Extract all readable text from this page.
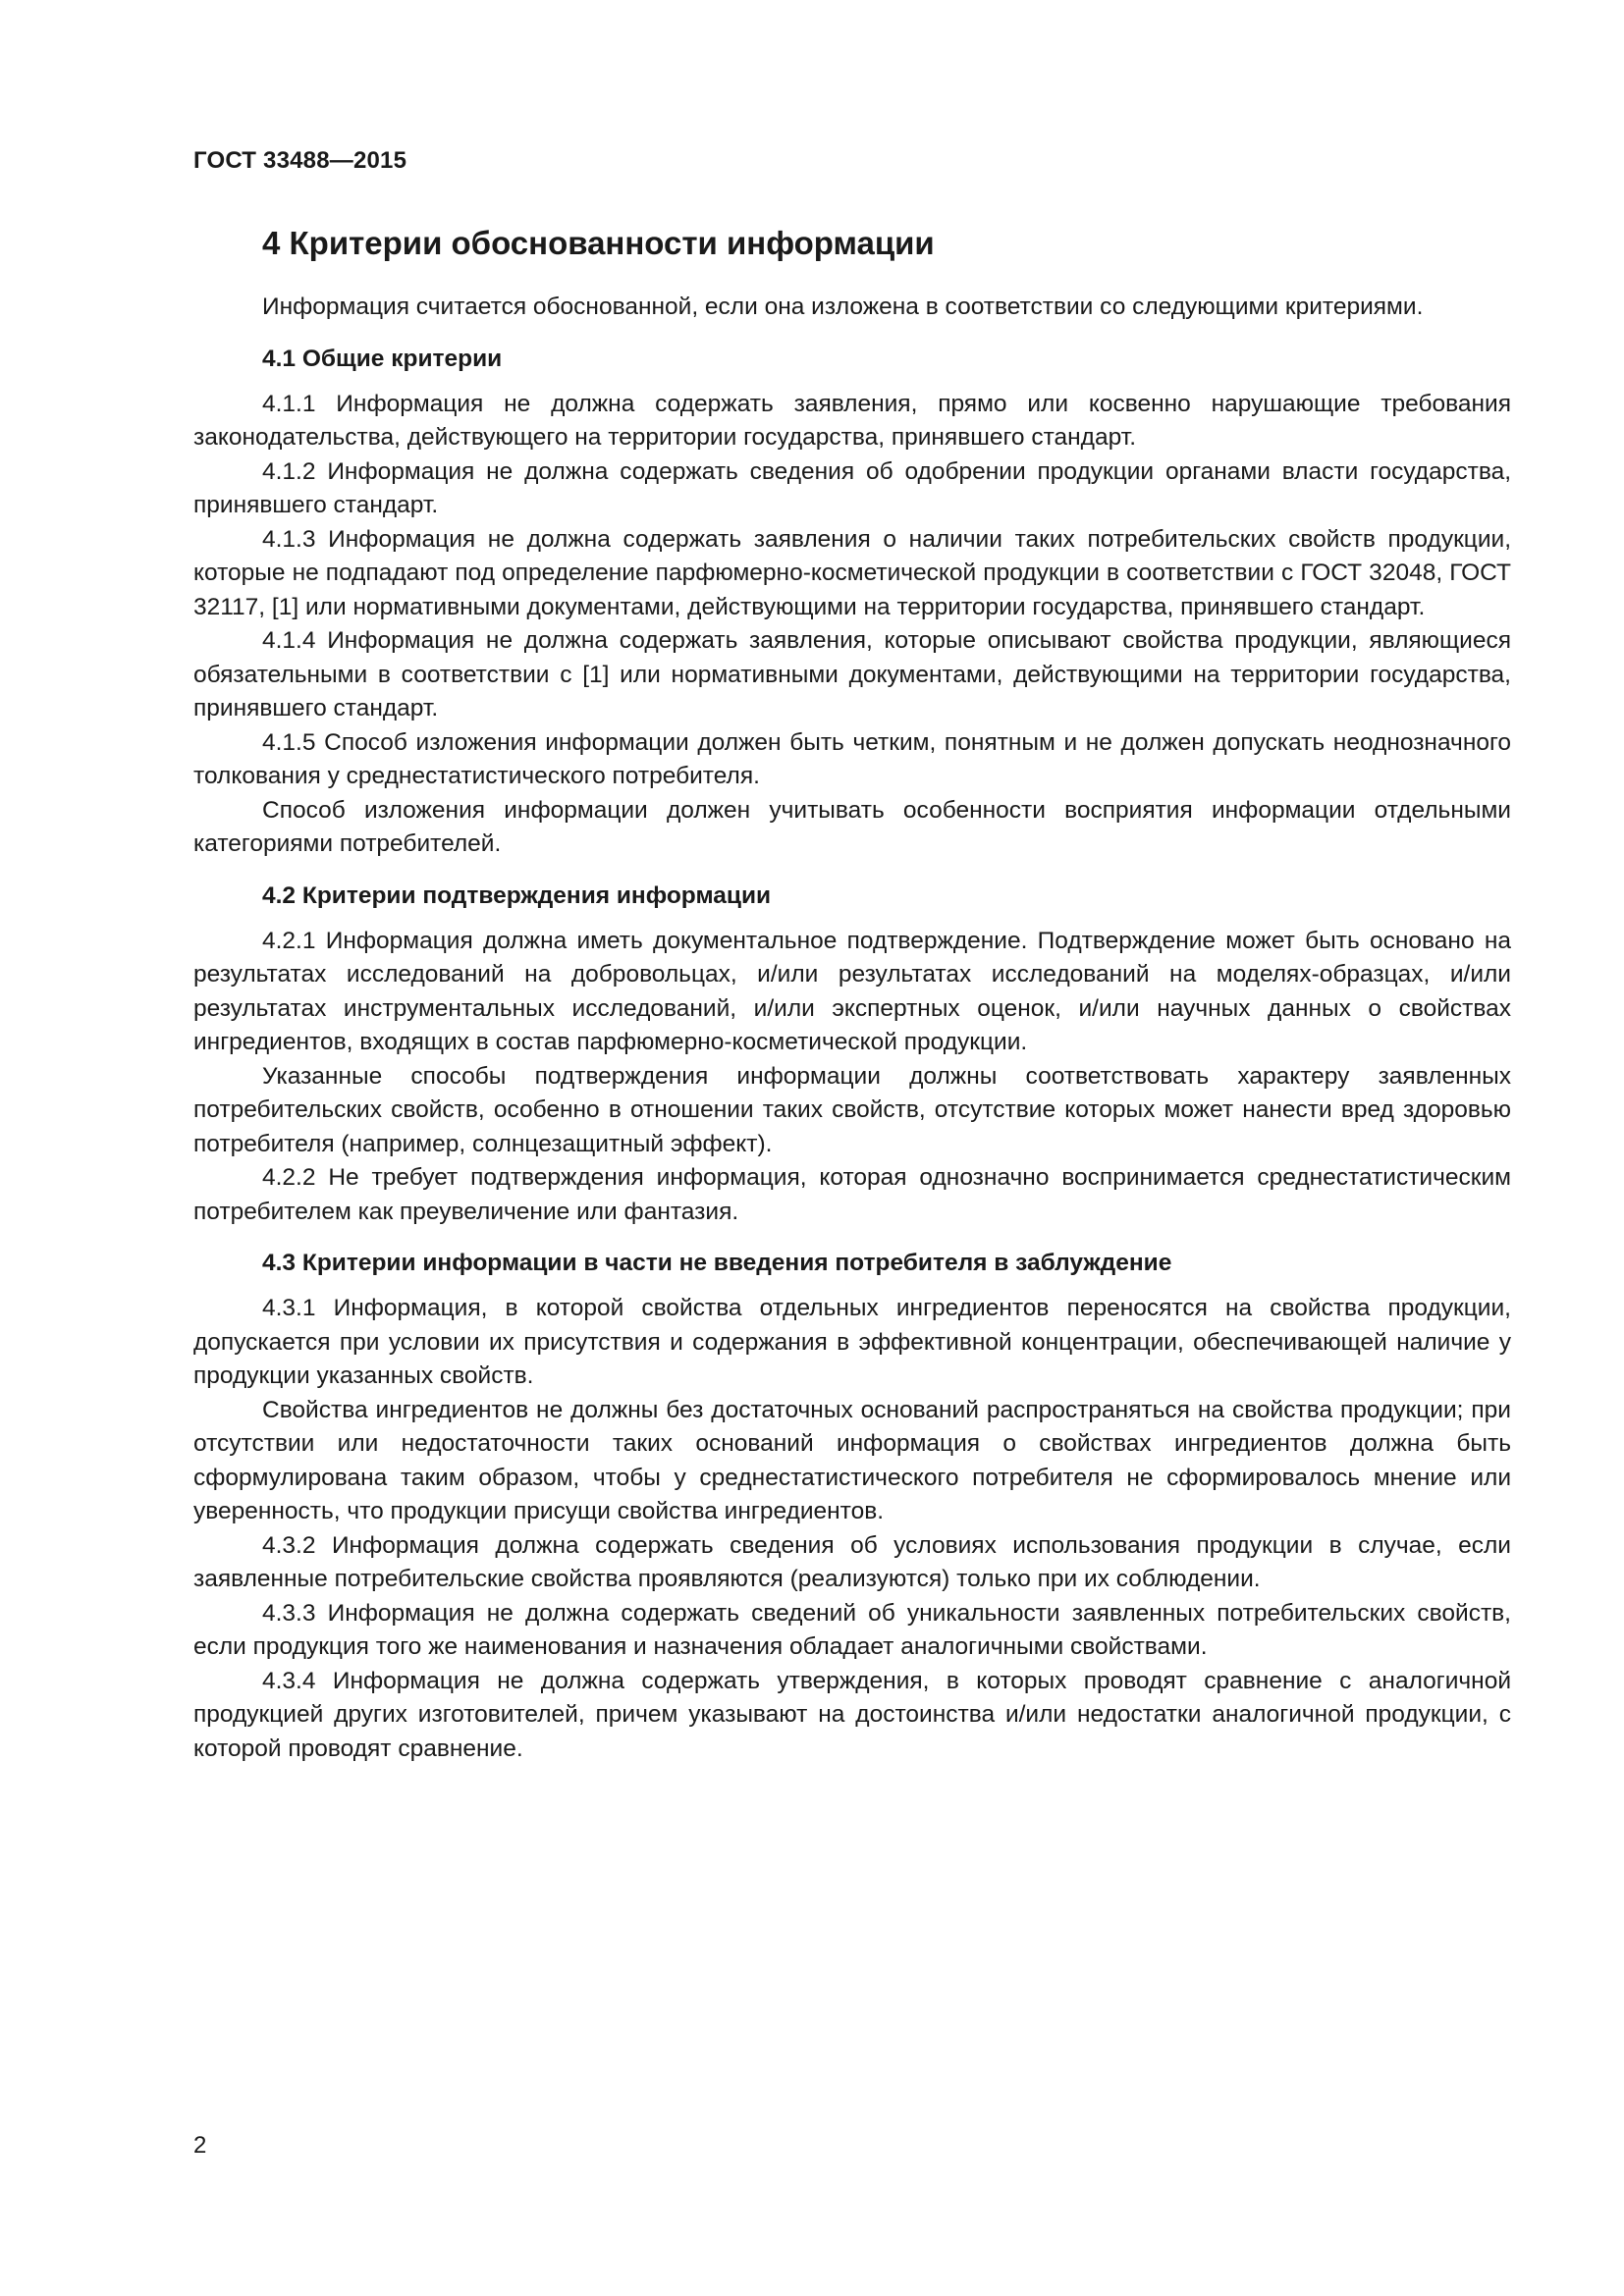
ГОСТ 33488—2015
4 Критерии обоснованности информации

Информация считается обоснованной, если она изложена в соответствии со следующими критериями.

4.1 Общие критерии

4.1.1 Информация не должна содержать заявления, прямо или косвенно нарушающие требования законодательства, действующего на территории государства, принявшего стандарт.

4.1.2 Информация не должна содержать сведения об одобрении продукции органами власти государства, принявшего стандарт.

4.1.3 Информация не должна содержать заявления о наличии таких потребительских свойств продукции, которые не подпадают под определение парфюмерно-косметической продукции в соответствии с ГОСТ 32048, ГОСТ 32117, [1] или нормативными документами, действующими на территории государства, принявшего стандарт.

4.1.4 Информация не должна содержать заявления, которые описывают свойства продукции, являющиеся обязательными в соответствии с [1] или нормативными документами, действующими на территории государства, принявшего стандарт.

4.1.5 Способ изложения информации должен быть четким, понятным и не должен допускать неоднозначного толкования у среднестатистического потребителя.

Способ изложения информации должен учитывать особенности восприятия информации отдельными категориями потребителей.

4.2 Критерии подтверждения информации

4.2.1 Информация должна иметь документальное подтверждение. Подтверждение может быть основано на результатах исследований на добровольцах, и/или результатах исследований на моделях-образцах, и/или результатах инструментальных исследований, и/или экспертных оценок, и/или научных данных о свойствах ингредиентов, входящих в состав парфюмерно-косметической продукции.

Указанные способы подтверждения информации должны соответствовать характеру заявленных потребительских свойств, особенно в отношении таких свойств, отсутствие которых может нанести вред здоровью потребителя (например, солнцезащитный эффект).

4.2.2 Не требует подтверждения информация, которая однозначно воспринимается среднестатистическим потребителем как преувеличение или фантазия.

4.3 Критерии информации в части не введения потребителя в заблуждение

4.3.1 Информация, в которой свойства отдельных ингредиентов переносятся на свойства продукции, допускается при условии их присутствия и содержания в эффективной концентрации, обеспечивающей наличие у продукции указанных свойств.

Свойства ингредиентов не должны без достаточных оснований распространяться на свойства продукции; при отсутствии или недостаточности таких оснований информация о свойствах ингредиентов должна быть сформулирована таким образом, чтобы у среднестатистического потребителя не сформировалось мнение или уверенность, что продукции присущи свойства ингредиентов.

4.3.2 Информация должна содержать сведения об условиях использования продукции в случае, если заявленные потребительские свойства проявляются (реализуются) только при их соблюдении.

4.3.3 Информация не должна содержать сведений об уникальности заявленных потребительских свойств, если продукция того же наименования и назначения обладает аналогичными свойствами.

4.3.4 Информация не должна содержать утверждения, в которых проводят сравнение с аналогичной продукцией других изготовителей, причем указывают на достоинства и/или недостатки аналогичной продукции, с которой проводят сравнение.

2
